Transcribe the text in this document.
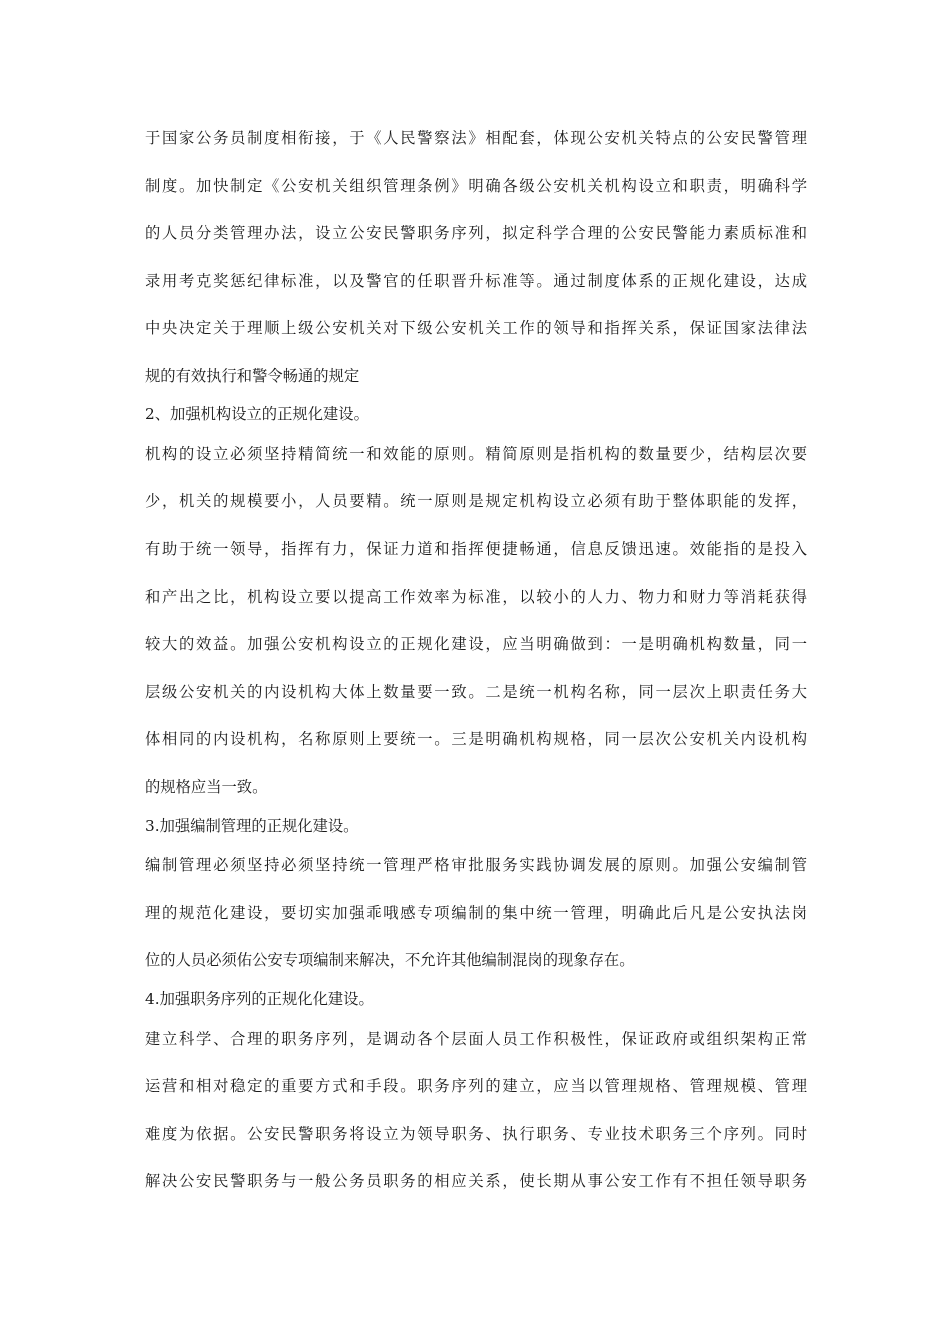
于国家公务员制度相衔接，于《人民警察法》相配套，体现公安机关特点的公安民警管理
制度。加快制定《公安机关组织管理条例》明确各级公安机关机构设立和职责，明确科学
的人员分类管理办法，设立公安民警职务序列，拟定科学合理的公安民警能力素质标准和
录用考克奖惩纪律标准，以及警官的任职晋升标准等。通过制度体系的正规化建设，达成
中央决定关于理顺上级公安机关对下级公安机关工作的领导和指挥关系，保证国家法律法
规的有效执行和警令畅通的规定
2、加强机构设立的正规化建设。
机构的设立必须坚持精简统一和效能的原则。精简原则是指机构的数量要少，结构层次要
少，机关的规模要小，人员要精。统一原则是规定机构设立必须有助于整体职能的发挥，
有助于统一领导，指挥有力，保证力道和指挥便捷畅通，信息反馈迅速。效能指的是投入
和产出之比，机构设立要以提高工作效率为标准，以较小的人力、物力和财力等消耗获得
较大的效益。加强公安机构设立的正规化建设，应当明确做到：一是明确机构数量，同一
层级公安机关的内设机构大体上数量要一致。二是统一机构名称，同一层次上职责任务大
体相同的内设机构，名称原则上要统一。三是明确机构规格，同一层次公安机关内设机构
的规格应当一致。
3.加强编制管理的正规化建设。
编制管理必须坚持必须坚持统一管理严格审批服务实践协调发展的原则。加强公安编制管
理的规范化建设，要切实加强乖哦感专项编制的集中统一管理，明确此后凡是公安执法岗
位的人员必须佑公安专项编制来解决，不允许其他编制混岗的现象存在。
4.加强职务序列的正规化化建设。
建立科学、合理的职务序列，是调动各个层面人员工作积极性，保证政府或组织架构正常
运营和相对稳定的重要方式和手段。职务序列的建立，应当以管理规格、管理规模、管理
难度为依据。公安民警职务将设立为领导职务、执行职务、专业技术职务三个序列。同时
解决公安民警职务与一般公务员职务的相应关系，使长期从事公安工作有不担任领导职务
